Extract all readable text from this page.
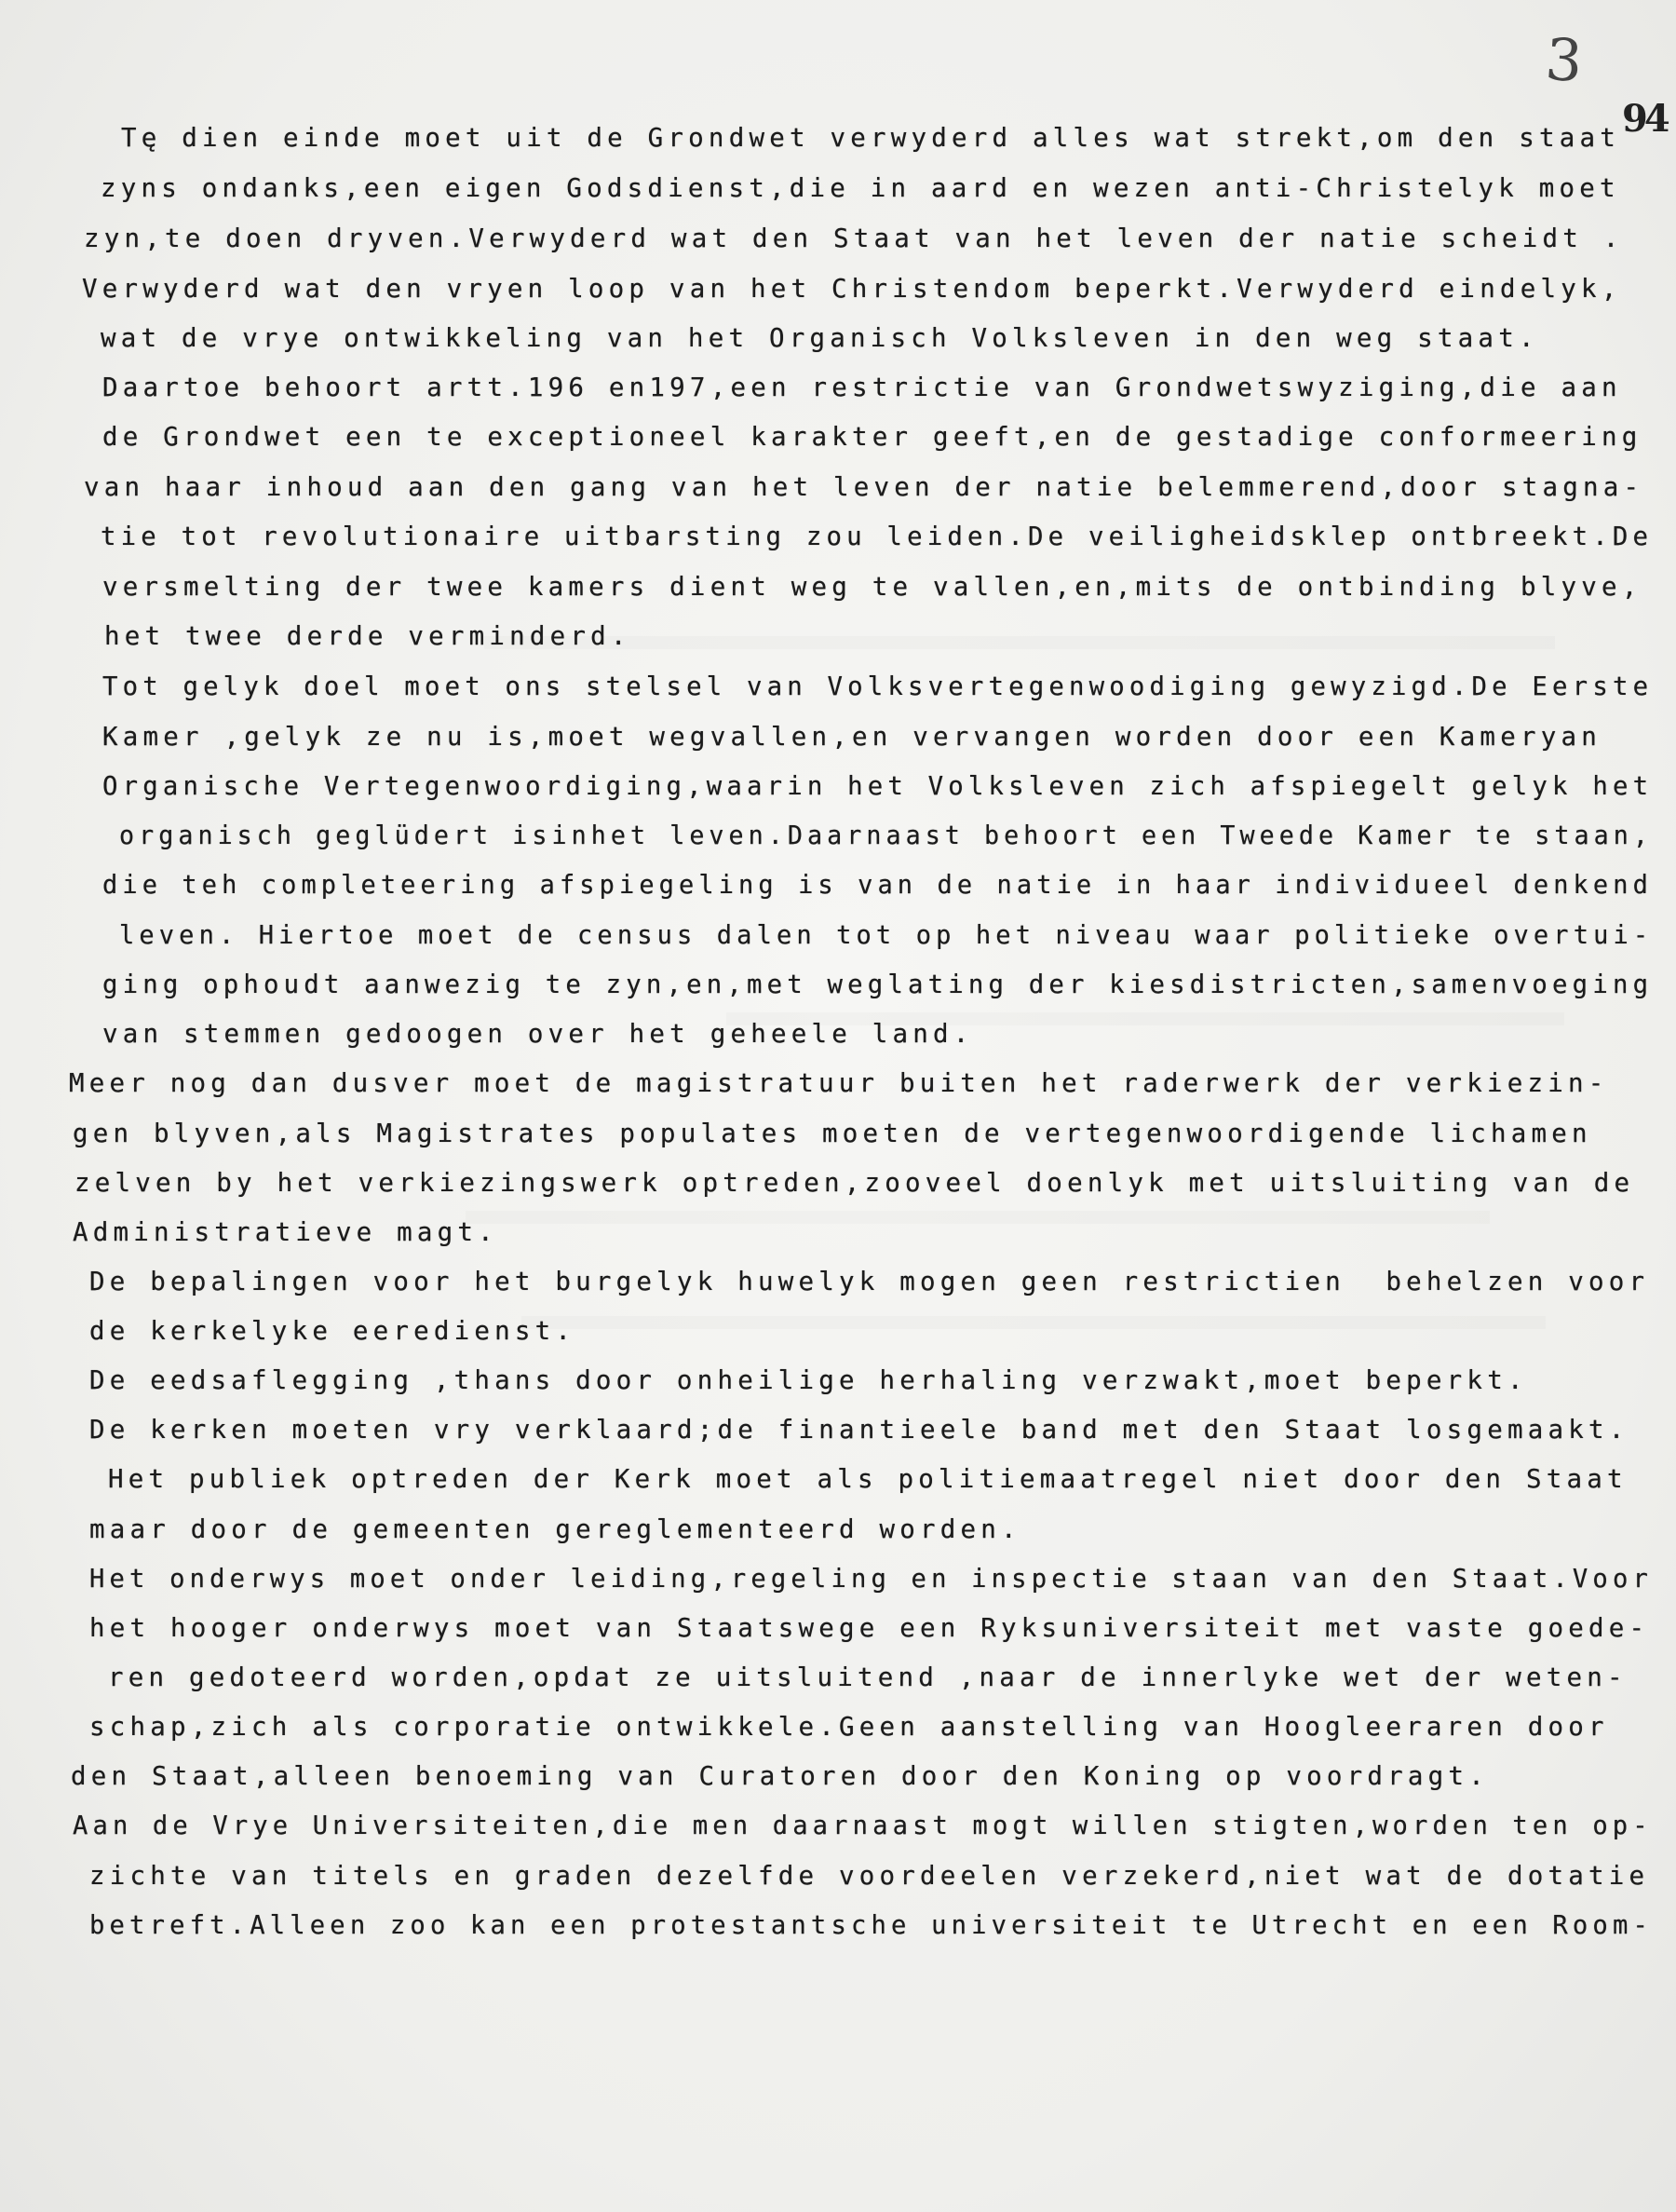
3
94

Tę dien einde moet uit de Grondwet verwyderd alles wat strekt,om den staat

zyns ondanks,een eigen Godsdienst,die in aard en wezen anti-Christelyk moet

zyn,te doen dryven.Verwyderd wat den Staat van het leven der natie scheidt .

Verwyderd wat den vryen loop van het Christendom beperkt.Verwyderd eindelyk,

wat de vrye ontwikkeling van het Organisch Volksleven in den weg staat.

Daartoe behoort artt.196 en197,een restrictie van Grondwetswyziging,die aan

de Grondwet een te exceptioneel karakter geeft,en de gestadige conformeering

van haar inhoud aan den gang van het leven der natie belemmerend,door stagna-

tie tot revolutionaire uitbarsting zou leiden.De veiligheidsklep ontbreekt.De

versmelting der twee kamers dient weg te vallen,en,mits de ontbinding blyve,

het twee derde verminderd.

Tot gelyk doel moet ons stelsel van Volksvertegenwoodiging gewyzigd.De Eerste

Kamer ,gelyk ze nu is,moet wegvallen,en vervangen worden door een Kameryan

Organische Vertegenwoordiging,waarin het Volksleven zich afspiegelt gelyk het

organisch geglüdert isinhet leven.Daarnaast behoort een Tweede Kamer te staan,

die teh completeering afspiegeling is van de natie in haar individueel denkend

leven. Hiertoe moet de census dalen tot op het niveau waar politieke overtui-

ging ophoudt aanwezig te zyn,en,met weglating der kiesdistricten,samenvoeging

van stemmen gedoogen over het geheele land.

Meer nog dan dusver moet de magistratuur buiten het raderwerk der verkiezin-

gen blyven,als Magistrates populates moeten de vertegenwoordigende lichamen

zelven by het verkiezingswerk optreden,zooveel doenlyk met uitsluiting van de

Administratieve magt.

De bepalingen voor het burgelyk huwelyk mogen geen restrictien  behelzen voor

de kerkelyke eeredienst.

De eedsaflegging ,thans door onheilige herhaling verzwakt,moet beperkt.

De kerken moeten vry verklaard;de finantieele band met den Staat losgemaakt.

Het publiek optreden der Kerk moet als politiemaatregel niet door den Staat

maar door de gemeenten gereglementeerd worden.

Het onderwys moet onder leiding,regeling en inspectie staan van den Staat.Voor

het hooger onderwys moet van Staatswege een Ryksuniversiteit met vaste goede-

ren gedoteerd worden,opdat ze uitsluitend ,naar de innerlyke wet der weten-

schap,zich als corporatie ontwikkele.Geen aanstelling van Hoogleeraren door

den Staat,alleen benoeming van Curatoren door den Koning op voordragt.

Aan de Vrye Universiteiten,die men daarnaast mogt willen stigten,worden ten op-

zichte van titels en graden dezelfde voordeelen verzekerd,niet wat de dotatie

betreft.Alleen zoo kan een protestantsche universiteit te Utrecht en een Room-
